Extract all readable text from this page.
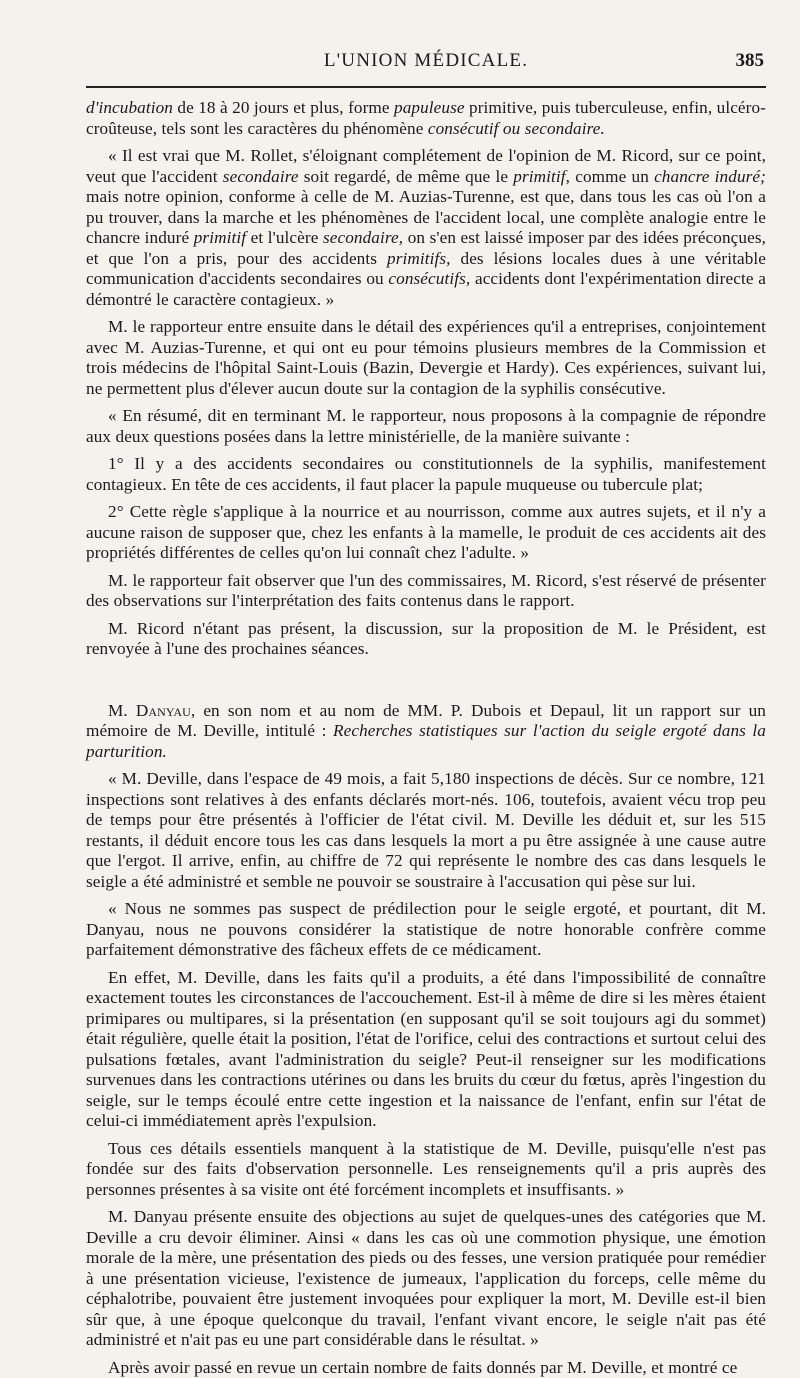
L'UNION MÉDICALE.	385

d'incubation de 18 à 20 jours et plus, forme papuleuse primitive, puis tuberculeuse, enfin, ulcéro-croûteuse, tels sont les caractères du phénomène consécutif ou secondaire.

« Il est vrai que M. Rollet, s'éloignant complétement de l'opinion de M. Ricord, sur ce point, veut que l'accident secondaire soit regardé, de même que le primitif, comme un chancre induré; mais notre opinion, conforme à celle de M. Auzias-Turenne, est que, dans tous les cas où l'on a pu trouver, dans la marche et les phénomènes de l'accident local, une complète analogie entre le chancre induré primitif et l'ulcère secondaire, on s'en est laissé imposer par des idées préconçues, et que l'on a pris, pour des accidents primitifs, des lésions locales dues à une véritable communication d'accidents secondaires ou consécutifs, accidents dont l'expérimentation directe a démontré le caractère contagieux. »

M. le rapporteur entre ensuite dans le détail des expériences qu'il a entreprises, conjointement avec M. Auzias-Turenne, et qui ont eu pour témoins plusieurs membres de la Commission et trois médecins de l'hôpital Saint-Louis (Bazin, Devergie et Hardy). Ces expériences, suivant lui, ne permettent plus d'élever aucun doute sur la contagion de la syphilis consécutive.

« En résumé, dit en terminant M. le rapporteur, nous proposons à la compagnie de répondre aux deux questions posées dans la lettre ministérielle, de la manière suivante :

1° Il y a des accidents secondaires ou constitutionnels de la syphilis, manifestement contagieux. En tête de ces accidents, il faut placer la papule muqueuse ou tubercule plat;

2° Cette règle s'applique à la nourrice et au nourrisson, comme aux autres sujets, et il n'y a aucune raison de supposer que, chez les enfants à la mamelle, le produit de ces accidents ait des propriétés différentes de celles qu'on lui connaît chez l'adulte. »

M. le rapporteur fait observer que l'un des commissaires, M. Ricord, s'est réservé de présenter des observations sur l'interprétation des faits contenus dans le rapport.

M. Ricord n'étant pas présent, la discussion, sur la proposition de M. le Président, est renvoyée à l'une des prochaines séances.

M. Danyau, en son nom et au nom de MM. P. Dubois et Depaul, lit un rapport sur un mémoire de M. Deville, intitulé : Recherches statistiques sur l'action du seigle ergoté dans la parturition.

« M. Deville, dans l'espace de 49 mois, a fait 5,180 inspections de décès. Sur ce nombre, 121 inspections sont relatives à des enfants déclarés mort-nés. 106, toutefois, avaient vécu trop peu de temps pour être présentés à l'officier de l'état civil. M. Deville les déduit et, sur les 515 restants, il déduit encore tous les cas dans lesquels la mort a pu être assignée à une cause autre que l'ergot. Il arrive, enfin, au chiffre de 72 qui représente le nombre des cas dans lesquels le seigle a été administré et semble ne pouvoir se soustraire à l'accusation qui pèse sur lui.

« Nous ne sommes pas suspect de prédilection pour le seigle ergoté, et pourtant, dit M. Danyau, nous ne pouvons considérer la statistique de notre honorable confrère comme parfaitement démonstrative des fâcheux effets de ce médicament.

En effet, M. Deville, dans les faits qu'il a produits, a été dans l'impossibilité de connaître exactement toutes les circonstances de l'accouchement. Est-il à même de dire si les mères étaient primipares ou multipares, si la présentation (en supposant qu'il se soit toujours agi du sommet) était régulière, quelle était la position, l'état de l'orifice, celui des contractions et surtout celui des pulsations fœtales, avant l'administration du seigle? Peut-il renseigner sur les modifications survenues dans les contractions utérines ou dans les bruits du cœur du fœtus, après l'ingestion du seigle, sur le temps écoulé entre cette ingestion et la naissance de l'enfant, enfin sur l'état de celui-ci immédiatement après l'expulsion.

Tous ces détails essentiels manquent à la statistique de M. Deville, puisqu'elle n'est pas fondée sur des faits d'observation personnelle. Les renseignements qu'il a pris auprès des personnes présentes à sa visite ont été forcément incomplets et insuffisants. »

M. Danyau présente ensuite des objections au sujet de quelques-unes des catégories que M. Deville a cru devoir éliminer. Ainsi « dans les cas où une commotion physique, une émotion morale de la mère, une présentation des pieds ou des fesses, une version pratiquée pour remédier à une présentation vicieuse, l'existence de jumeaux, l'application du forceps, celle même du céphalotribe, pouvaient être justement invoquées pour expliquer la mort, M. Deville est-il bien sûr que, à une époque quelconque du travail, l'enfant vivant encore, le seigle n'ait pas été administré et n'ait pas eu une part considérable dans le résultat. »

Après avoir passé en revue un certain nombre de faits donnés par M. Deville, et montré ce
